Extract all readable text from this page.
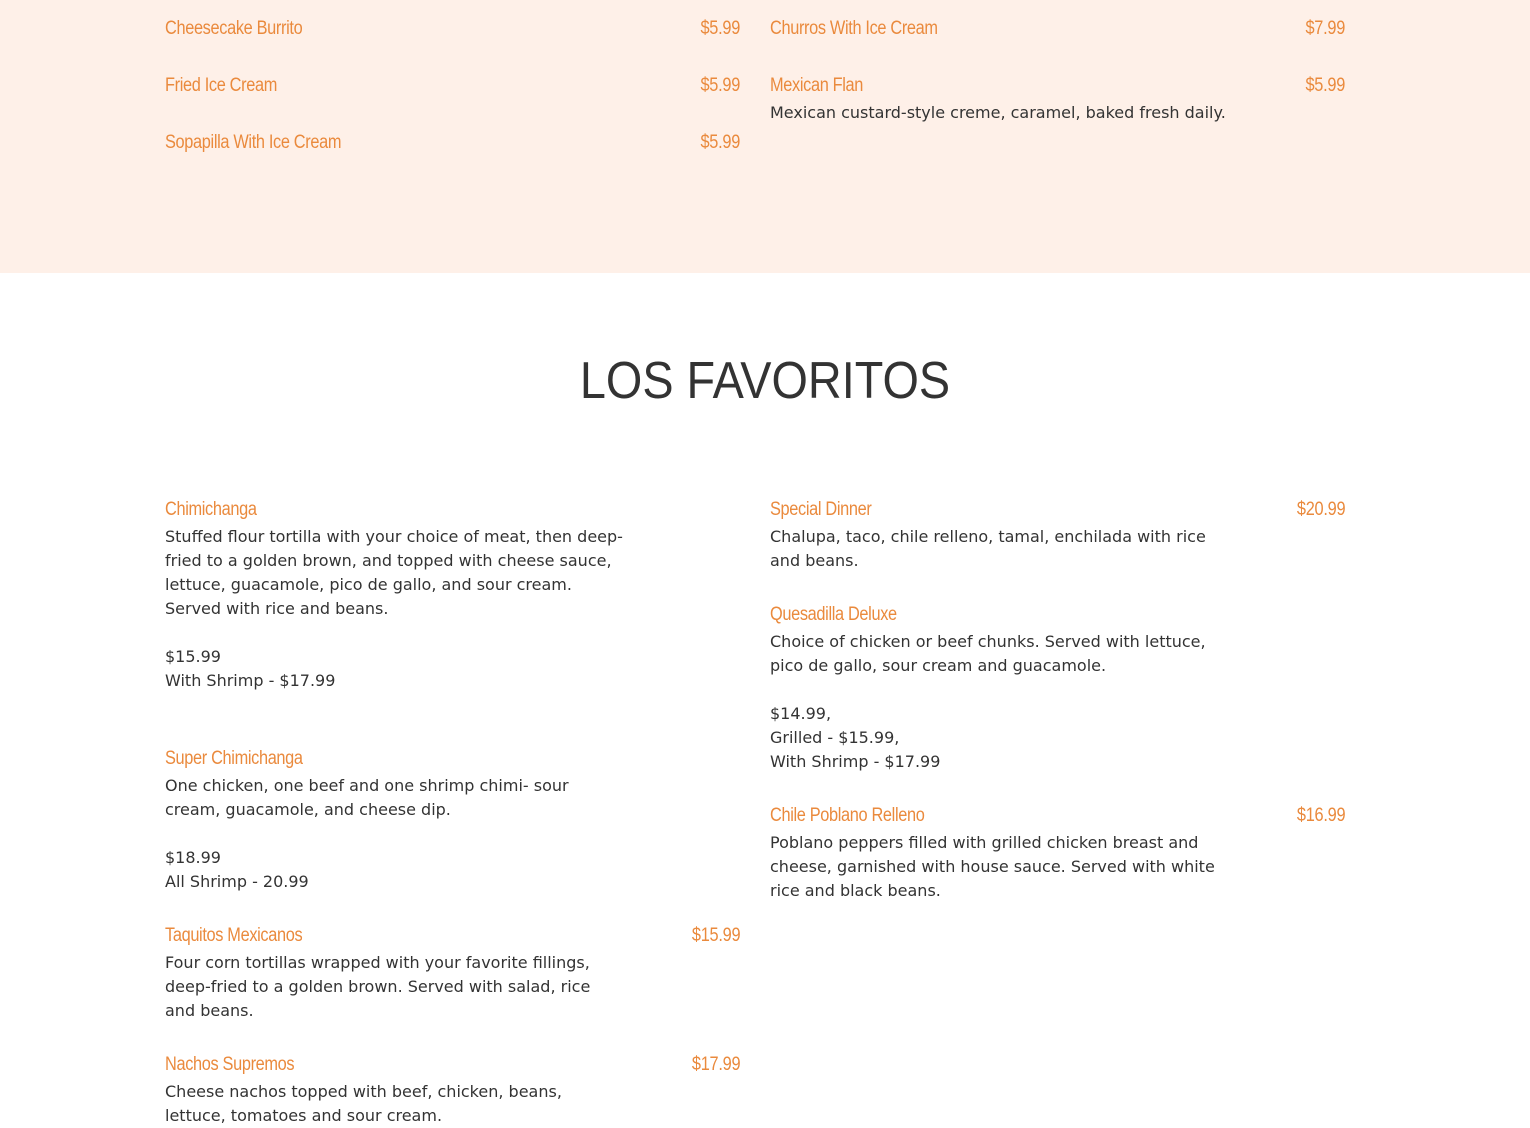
Cheesecake Burrito	$5.99
Fried Ice Cream	$5.99
Sopapilla With Ice Cream	$5.99
Churros With Ice Cream	$7.99
Mexican Flan	$5.99
Mexican custard-style creme, caramel, baked fresh daily.
LOS FAVORITOS
Chimichanga
Stuffed flour tortilla with your choice of meat, then deep-fried to a golden brown, and topped with cheese sauce, lettuce, guacamole, pico de gallo, and sour cream. Served with rice and beans.

$15.99
With Shrimp - $17.99
Super Chimichanga
One chicken, one beef and one shrimp chimi- sour cream, guacamole, and cheese dip.

$18.99
All Shrimp - 20.99
Taquitos Mexicanos	$15.99
Four corn tortillas wrapped with your favorite fillings, deep-fried to a golden brown. Served with salad, rice and beans.
Nachos Supremos	$17.99
Cheese nachos topped with beef, chicken, beans, lettuce, tomatoes and sour cream.
Special Dinner	$20.99
Chalupa, taco, chile relleno, tamal, enchilada with rice and beans.
Quesadilla Deluxe
Choice of chicken or beef chunks. Served with lettuce, pico de gallo, sour cream and guacamole.

$14.99,
Grilled - $15.99,
With Shrimp - $17.99
Chile Poblano Relleno	$16.99
Poblano peppers filled with grilled chicken breast and cheese, garnished with house sauce. Served with white rice and black beans.
